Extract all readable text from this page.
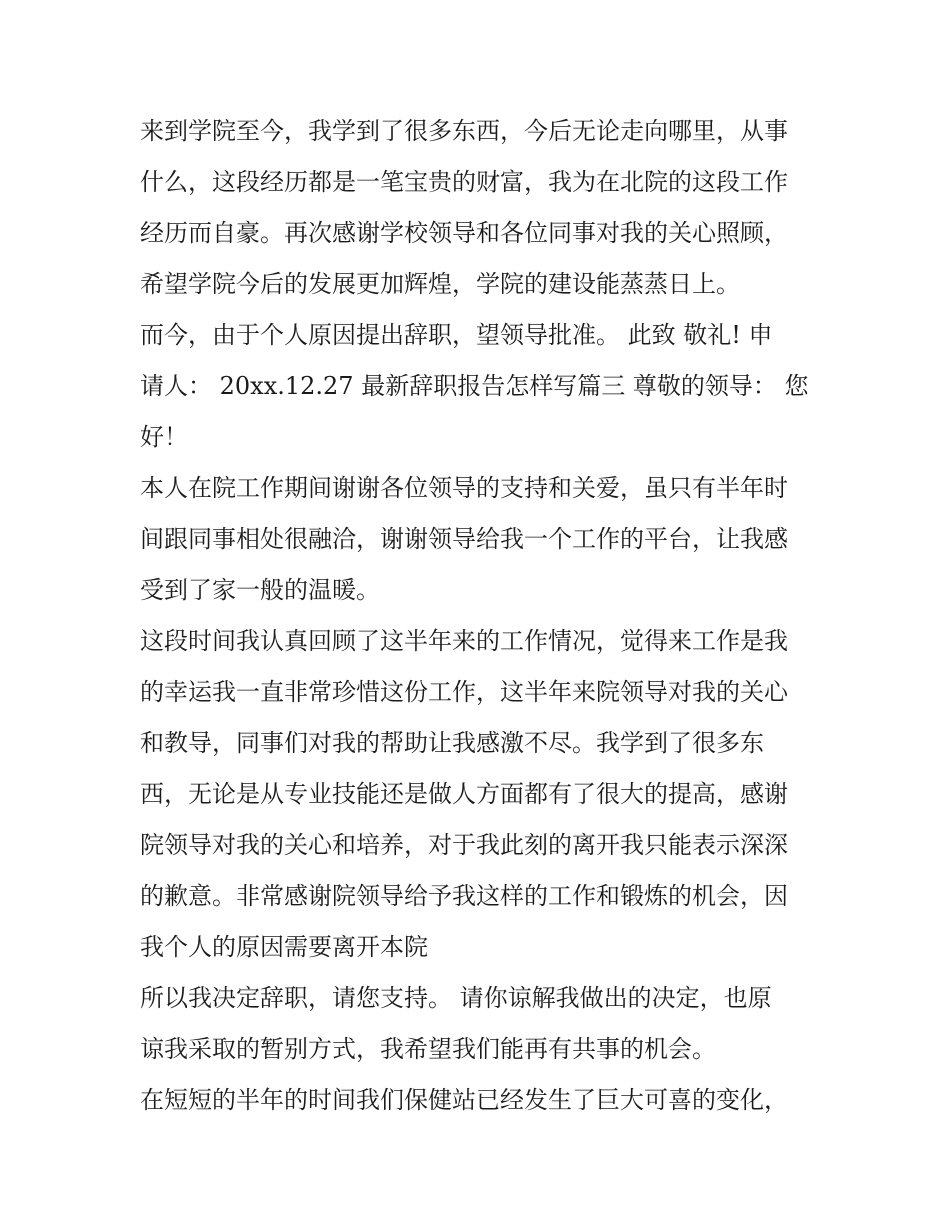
来到学院至今，我学到了很多东西，今后无论走向哪里，从事
什么，这段经历都是一笔宝贵的财富，我为在北院的这段工作
经历而自豪。再次感谢学校领导和各位同事对我的关心照顾，
希望学院今后的发展更加辉煌，学院的建设能蒸蒸日上。
而今，由于个人原因提出辞职，望领导批准。 此致 敬礼! 申
请人： 20xx.12.27 最新辞职报告怎样写篇三 尊敬的领导： 您
好！
本人在院工作期间谢谢各位领导的支持和关爱，虽只有半年时
间跟同事相处很融洽，谢谢领导给我一个工作的平台，让我感
受到了家一般的温暖。
这段时间我认真回顾了这半年来的工作情况，觉得来工作是我
的幸运我一直非常珍惜这份工作，这半年来院领导对我的关心
和教导，同事们对我的帮助让我感激不尽。我学到了很多东
西，无论是从专业技能还是做人方面都有了很大的提高，感谢
院领导对我的关心和培养，对于我此刻的离开我只能表示深深
的歉意。非常感谢院领导给予我这样的工作和锻炼的机会，因
我个人的原因需要离开本院
所以我决定辞职，请您支持。 请你谅解我做出的决定，也原
谅我采取的暂别方式，我希望我们能再有共事的机会。
在短短的半年的时间我们保健站已经发生了巨大可喜的变化，
